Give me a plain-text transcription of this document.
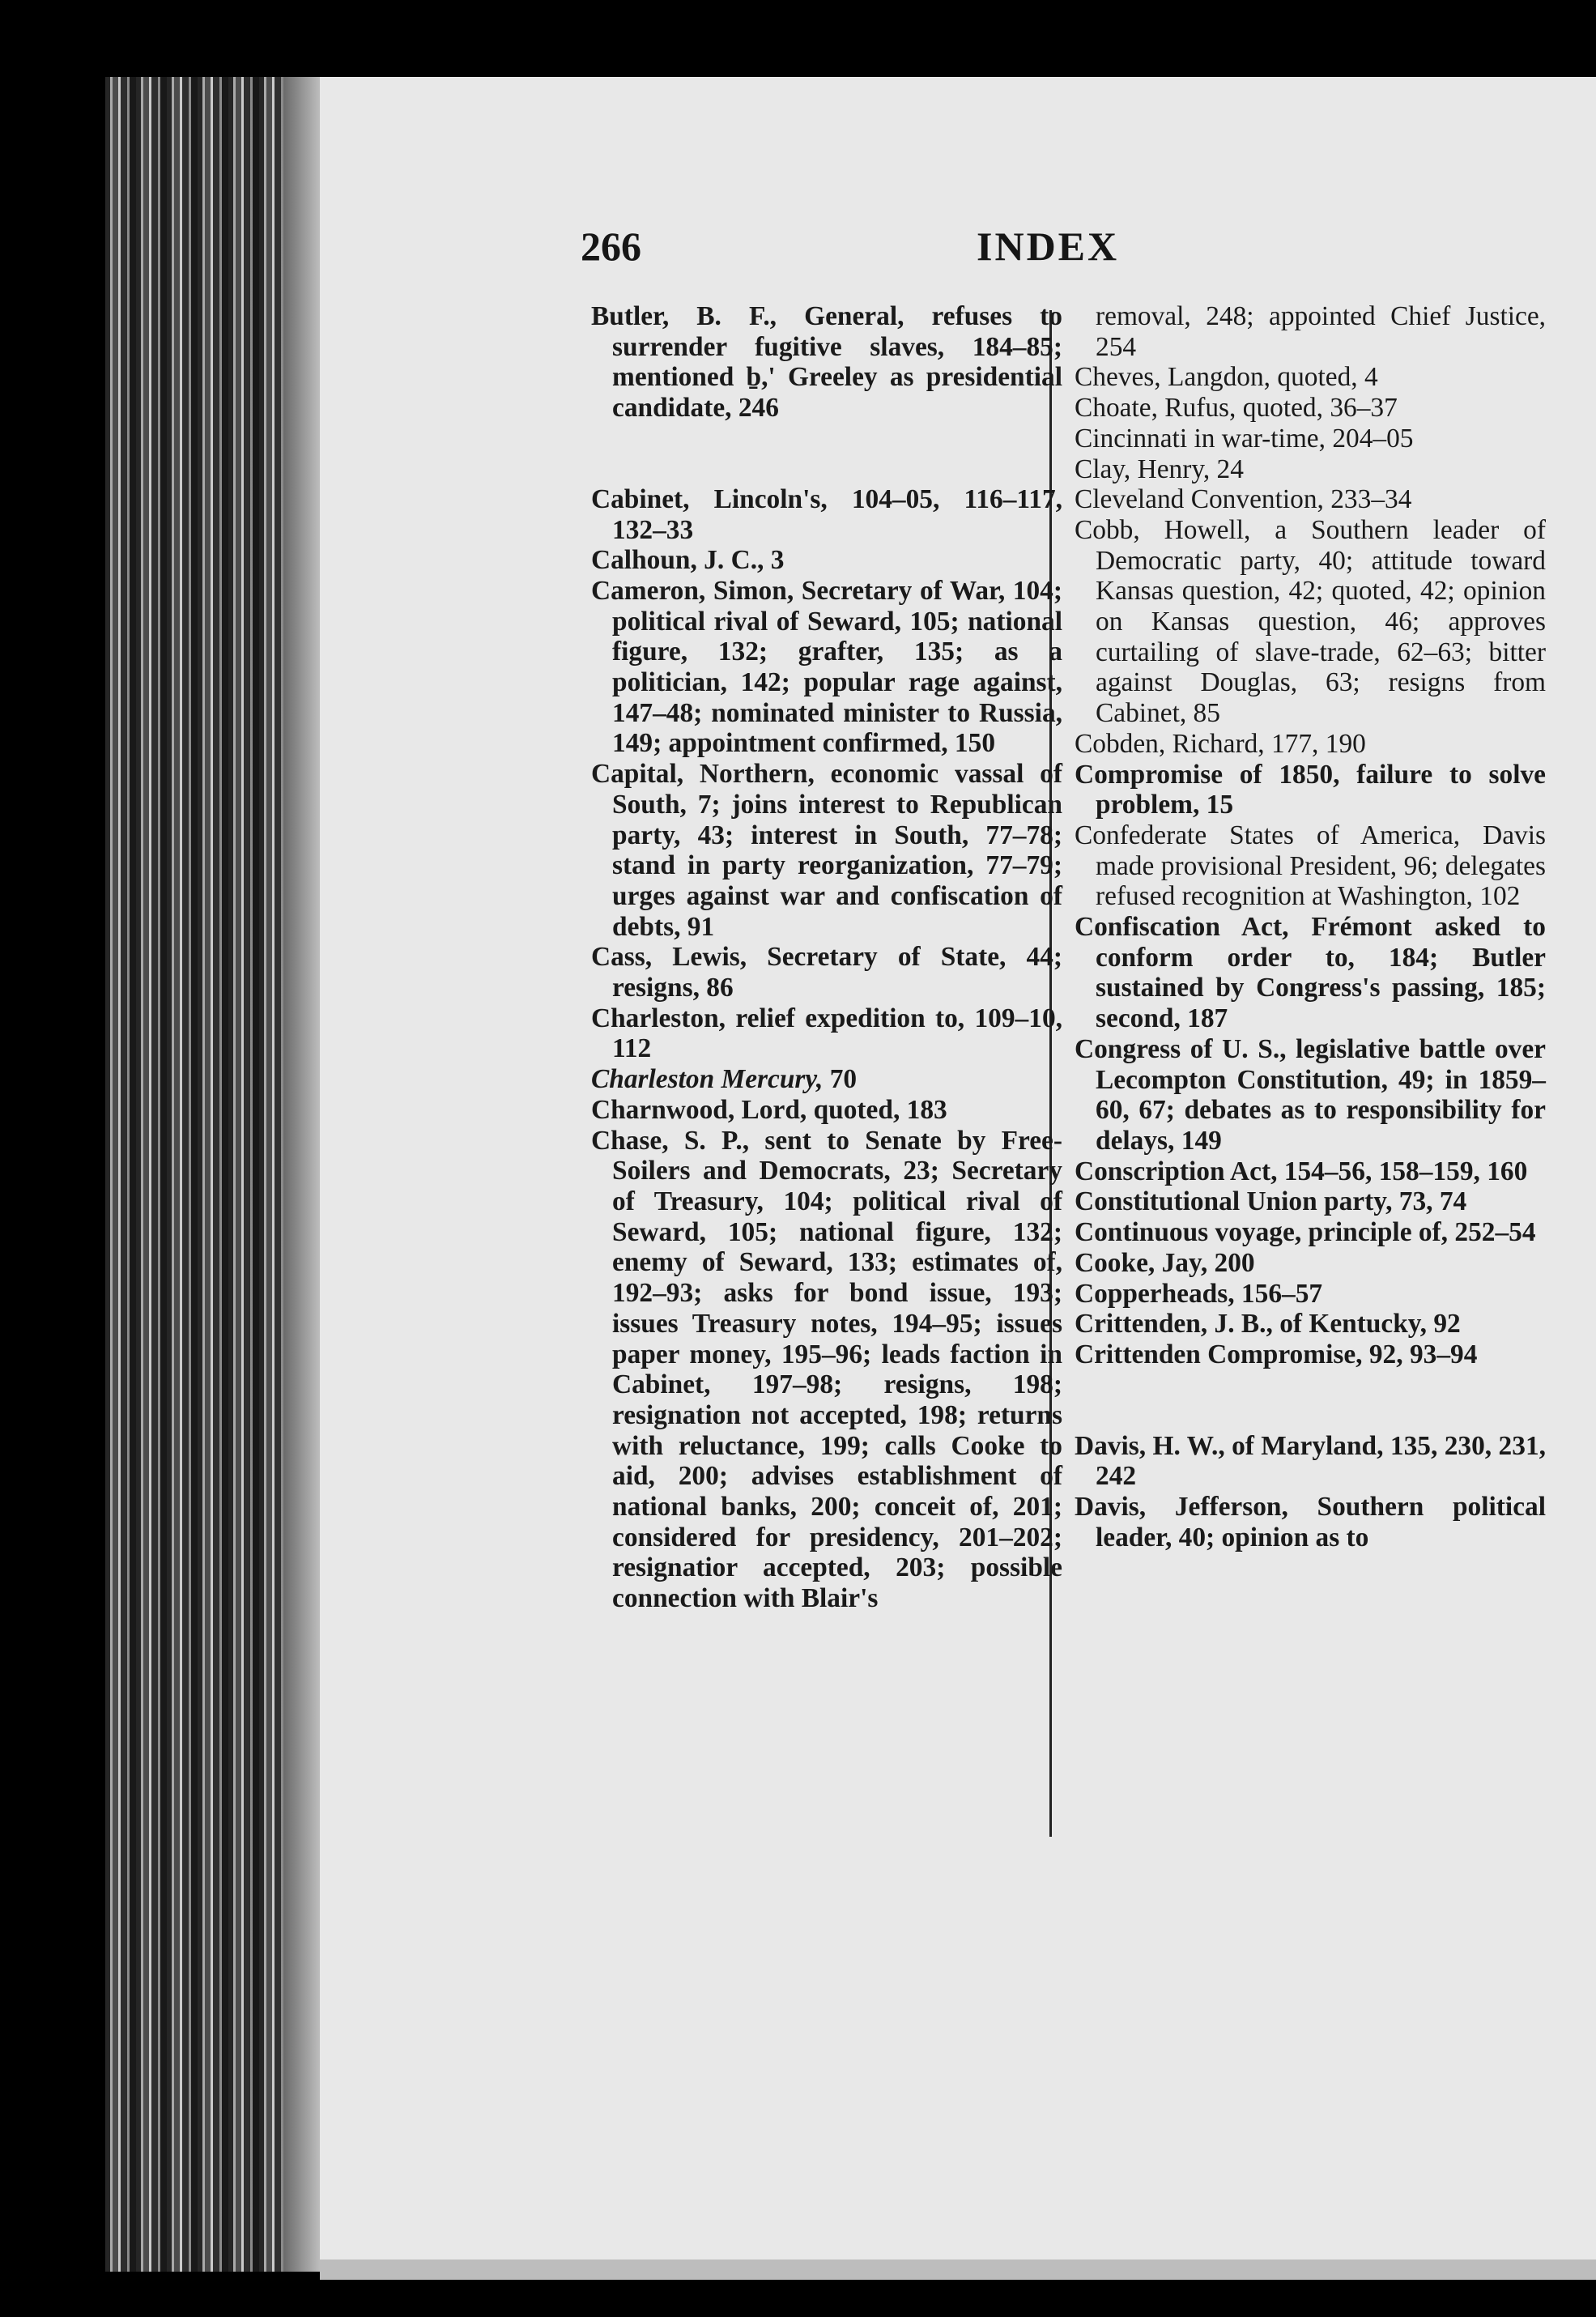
266	INDEX
Butler, B. F., General, refuses to surrender fugitive slaves, 184–85; mentioned ḇ,' Greeley as presidential candidate, 246
Cabinet, Lincoln's, 104–05, 116–117, 132–33
Calhoun, J. C., 3
Cameron, Simon, Secretary of War, 104; political rival of Seward, 105; national figure, 132; grafter, 135; as a politician, 142; popular rage against, 147–48; nominated minister to Russia, 149; appointment confirmed, 150
Capital, Northern, economic vassal of South, 7; joins interest to Republican party, 43; interest in South, 77–78; stand in party reorganization, 77–79; urges against war and confiscation of debts, 91
Cass, Lewis, Secretary of State, 44; resigns, 86
Charleston, relief expedition to, 109–10, 112
Charleston Mercury, 70
Charnwood, Lord, quoted, 183
Chase, S. P., sent to Senate by Free-Soilers and Democrats, 23; Secretary of Treasury, 104; political rival of Seward, 105; national figure, 132; enemy of Seward, 133; estimates of, 192–93; asks for bond issue, 193; issues Treasury notes, 194–95; issues paper money, 195–96; leads faction in Cabinet, 197–98; resigns, 198; resignation not accepted, 198; returns with reluctance, 199; calls Cooke to aid, 200; advises establishment of national banks, 200; conceit of, 201; considered for presidency, 201–202; resignatior accepted, 203; possible connection with Blair's
removal, 248; appointed Chief Justice, 254
Cheves, Langdon, quoted, 4
Choate, Rufus, quoted, 36–37
Cincinnati in war-time, 204–05
Clay, Henry, 24
Cleveland Convention, 233–34
Cobb, Howell, a Southern leader of Democratic party, 40; attitude toward Kansas question, 42; quoted, 42; opinion on Kansas question, 46; approves curtailing of slave-trade, 62–63; bitter against Douglas, 63; resigns from Cabinet, 85
Cobden, Richard, 177, 190
Compromise of 1850, failure to solve problem, 15
Confederate States of America, Davis made provisional President, 96; delegates refused recognition at Washington, 102
Confiscation Act, Frémont asked to conform order to, 184; Butler sustained by Congress's passing, 185; second, 187
Congress of U. S., legislative battle over Lecompton Constitution, 49; in 1859–60, 67; debates as to responsibility for delays, 149
Conscription Act, 154–56, 158–159, 160
Constitutional Union party, 73, 74
Continuous voyage, principle of, 252–54
Cooke, Jay, 200
Copperheads, 156–57
Crittenden, J. B., of Kentucky, 92
Crittenden Compromise, 92, 93–94
Davis, H. W., of Maryland, 135, 230, 231, 242
Davis, Jefferson, Southern political leader, 40; opinion as to
